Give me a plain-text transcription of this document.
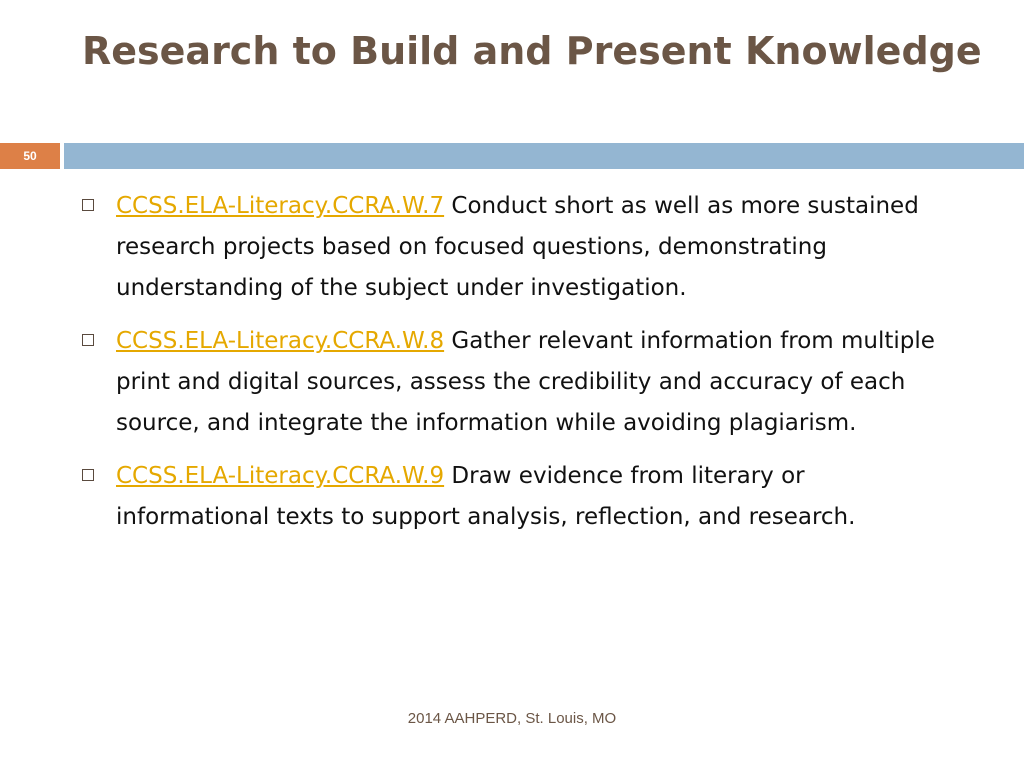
Research to Build and Present Knowledge
50
CCSS.ELA-Literacy.CCRA.W.7 Conduct short as well as more sustained research projects based on focused questions, demonstrating understanding of the subject under investigation.
CCSS.ELA-Literacy.CCRA.W.8 Gather relevant information from multiple print and digital sources, assess the credibility and accuracy of each source, and integrate the information while avoiding plagiarism.
CCSS.ELA-Literacy.CCRA.W.9 Draw evidence from literary or informational texts to support analysis, reflection, and research.
2014 AAHPERD, St. Louis, MO
